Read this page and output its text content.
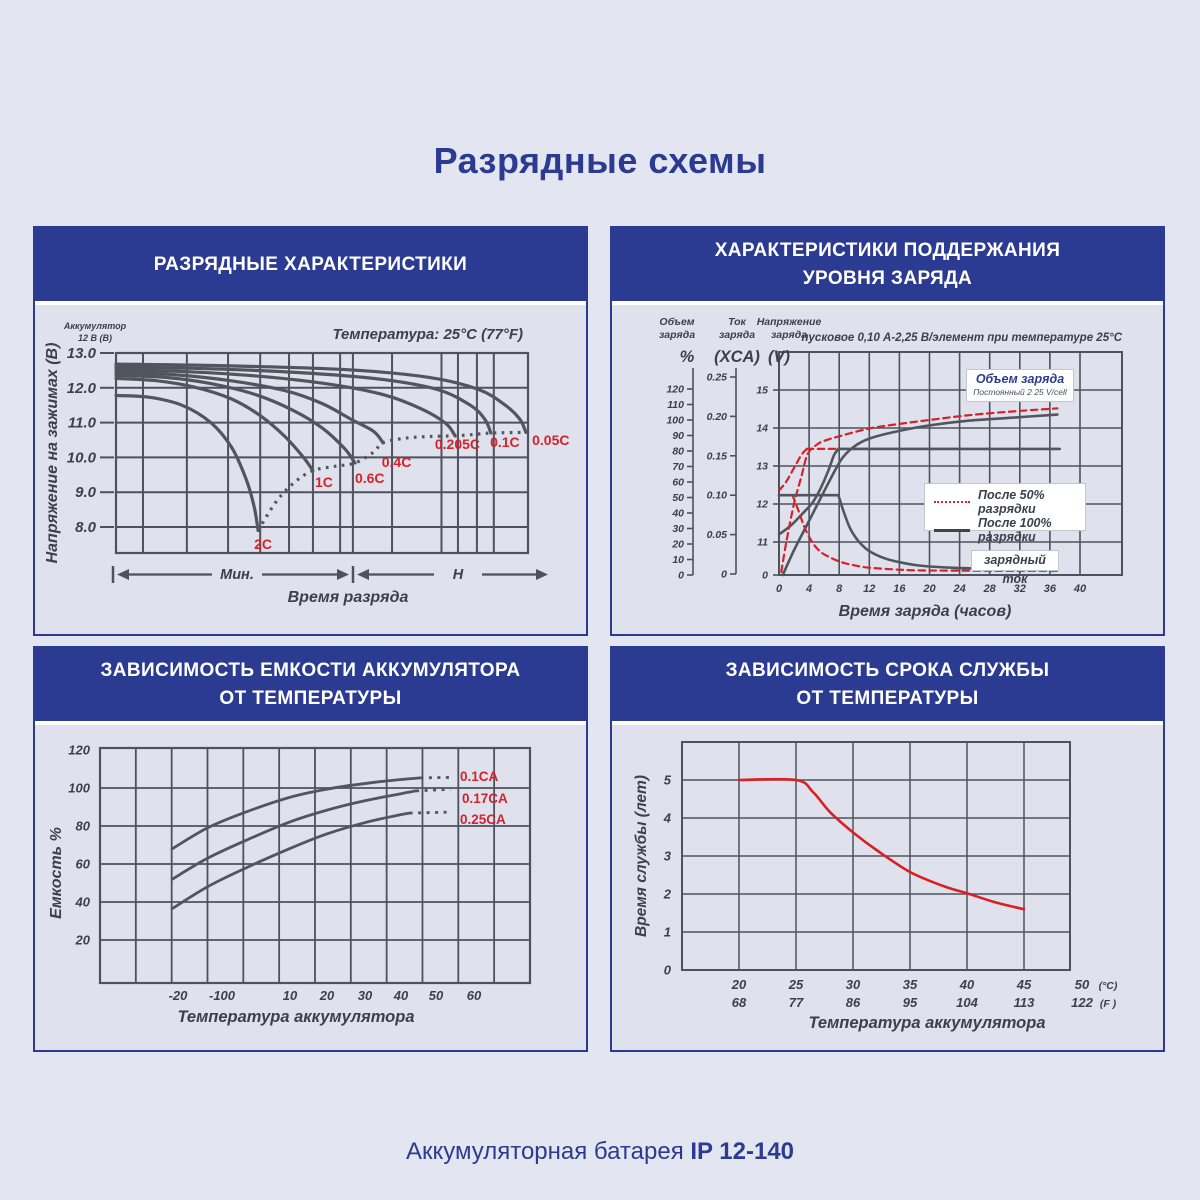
Разрядные схемы
РАЗРЯДНЫЕ ХАРАКТЕРИСТИКИ
ХАРАКТЕРИСТИКИ ПОДДЕРЖАНИЯ
УРОВНЯ ЗАРЯДА
ЗАВИСИМОСТЬ ЕМКОСТИ АККУМУЛЯТОРА
ОТ ТЕМПЕРАТУРЫ
ЗАВИСИМОСТЬ СРОКА СЛУЖБЫ
ОТ ТЕМПЕРАТУРЫ
13.0
12.0
11.0
10.0
9.0
8.0
Аккумулятор
12 В (В)	Температура: 25°C (77°F)
Напряжение на зажимах (В)	2C
1C 0.6C
0.4C
0.205C 0.1C 0.05C
Мин.	Н
Время разряда
0
10
20
30
40
50
60
70
80
90
100
110
120
0
0.05
0.10
0.15
0.20
0.25
0
11
12
13
14
15
Объем
заряда
%
Ток
заряда
(XCA)
Напряжение
заряда
(V)
пусковое 0,10 А-2,25 В/элемент при температуре 25°C
0 4 8 12 16 20 24 28 32 36 40
Время заряда (часов)
120
100
80
60
40
20
-20 -100	10 20 30 40 50 60
0.1CA
0.17CA
0.25CA
Емкость %
Температура аккумулятора
0
1
2
3
4
5
20	25	30	35	40	45	50 (°C)
68	77	86	95	104	113	122 (F )
Время службы (лет)
Температура аккумулятора
Объем заряда
Постоянный 2 25 V/cell
После 50% разрядки
После 100% разрядки
зарядный ток
Аккумуляторная батарея IP 12-140
